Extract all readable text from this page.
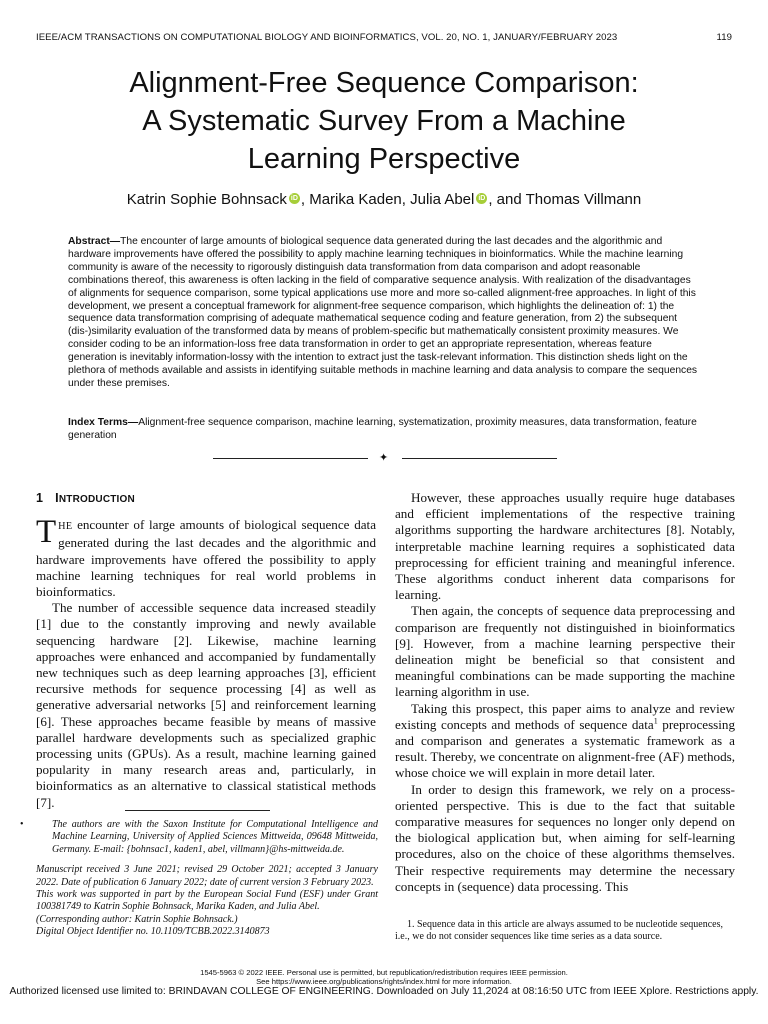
IEEE/ACM TRANSACTIONS ON COMPUTATIONAL BIOLOGY AND BIOINFORMATICS, VOL. 20, NO. 1, JANUARY/FEBRUARY 2023	119
Alignment-Free Sequence Comparison:
A Systematic Survey From a Machine
Learning Perspective
Katrin Sophie Bohnsack iD , Marika Kaden, Julia Abel iD , and Thomas Villmann
Abstract—The encounter of large amounts of biological sequence data generated during the last decades and the algorithmic and hardware improvements have offered the possibility to apply machine learning techniques in bioinformatics. While the machine learning community is aware of the necessity to rigorously distinguish data transformation from data comparison and adopt reasonable combinations thereof, this awareness is often lacking in the field of comparative sequence analysis. With realization of the disadvantages of alignments for sequence comparison, some typical applications use more and more so-called alignment-free approaches. In light of this development, we present a conceptual framework for alignment-free sequence comparison, which highlights the delineation of: 1) the sequence data transformation comprising of adequate mathematical sequence coding and feature generation, from 2) the subsequent (dis-)similarity evaluation of the transformed data by means of problem-specific but mathematically consistent proximity measures. We consider coding to be an information-loss free data transformation in order to get an appropriate representation, whereas feature generation is inevitably information-lossy with the intention to extract just the task-relevant information. This distinction sheds light on the plethora of methods available and assists in identifying suitable methods in machine learning and data analysis to compare the sequences under these premises.
Index Terms—Alignment-free sequence comparison, machine learning, systematization, proximity measures, data transformation, feature generation
✦
1 INTRODUCTION

THE encounter of large amounts of biological sequence data generated during the last decades and the algorithmic and hardware improvements have offered the possibility to apply machine learning techniques for real world problems in bioinformatics.

The number of accessible sequence data increased steadily [1] due to the constantly improving and newly available sequencing hardware [2]. Likewise, machine learning approaches were enhanced and accompanied by fundamentally new techniques such as deep learning approaches [3], efficient recursive methods for sequence processing [4] as well as generative adversarial networks [5] and reinforcement learning [6]. These approaches became feasible by means of massive parallel hardware developments such as specialized graphic processing units (GPUs). As a result, machine learning gained popularity in many research areas and, particularly, in bioinformatics as an alternative to classical statistical methods [7].

However, these approaches usually require huge databases and efficient implementations of the respective training algorithms supporting the hardware architectures [8]. Notably, interpretable machine learning requires a sophisticated data preprocessing for efficient training and meaningful inference. These algorithms conduct inherent data comparisons for learning.

Then again, the concepts of sequence data preprocessing and comparison are frequently not distinguished in bioinformatics [9]. However, from a machine learning perspective their delineation might be beneficial so that consistent and meaningful combinations can be made supporting the machine learning algorithm in use.

Taking this prospect, this paper aims to analyze and review existing concepts and methods of sequence data$^1$ preprocessing and comparison and generates a systematic framework as a result. Thereby, we concentrate on alignment-free (AF) methods, whose choice we will explain in more detail later.

In order to design this framework, we rely on a process-oriented perspective. This is due to the fact that suitable comparative measures for sequences no longer only depend on the biological application but, when aiming for self-learning procedures, also on the choice of these algorithms themselves. Their respective requirements may determine the necessary concepts in (sequence) data processing. This

•	The authors are with the Saxon Institute for Computational Intelligence and Machine Learning, University of Applied Sciences Mittweida, 09648 Mittweida, Germany. E-mail: {bohnsac1, kaden1, abel, villmann}@hs-mittweida.de.
Manuscript received 3 June 2021; revised 29 October 2021; accepted 3 January 2022. Date of publication 6 January 2022; date of current version 3 February 2023.
This work was supported in part by the European Social Fund (ESF) under Grant 100381749 to Katrin Sophie Bohnsack, Marika Kaden, and Julia Abel.
(Corresponding author: Katrin Sophie Bohnsack.)
Digital Object Identifier no. 10.1109/TCBB.2022.3140873
1. Sequence data in this article are always assumed to be nucleotide sequences, i.e., we do not consider sequences like time series as a data source.
1545-5963 © 2022 IEEE. Personal use is permitted, but republication/redistribution requires IEEE permission.
See https://www.ieee.org/publications/rights/index.html for more information.
Authorized licensed use limited to: BRINDAVAN COLLEGE OF ENGINEERING. Downloaded on July 11,2024 at 08:16:50 UTC from IEEE Xplore. Restrictions apply.
